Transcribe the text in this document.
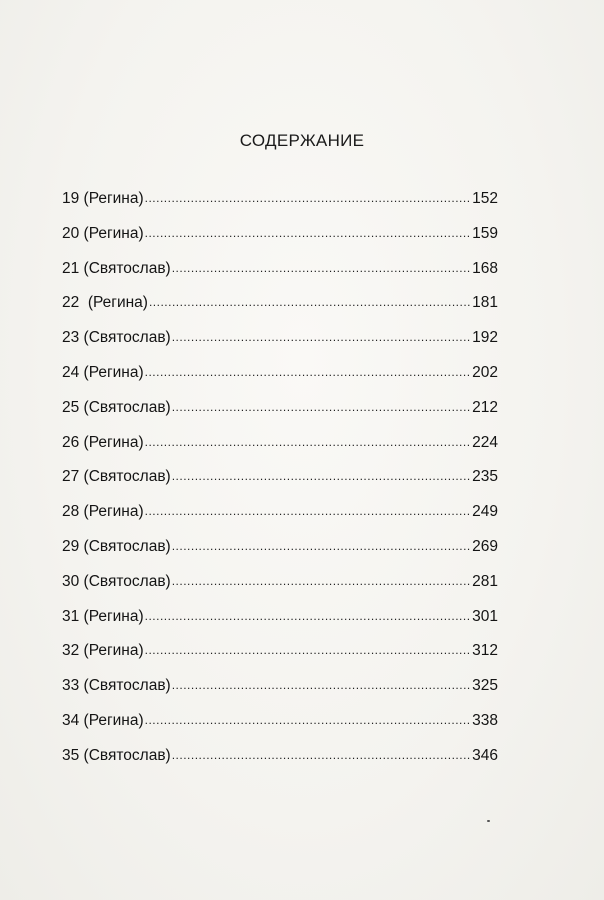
СОДЕРЖАНИЕ
19 (Регина) .....	152
20 (Регина) .....	159
21 (Святослав) .....	168
22  (Регина) .....	181
23 (Святослав) .....	192
24 (Регина) .....	202
25 (Святослав) .....	212
26 (Регина) .....	224
27 (Святослав) .....	235
28 (Регина) .....	249
29 (Святослав) .....	269
30 (Святослав) .....	281
31 (Регина) .....	301
32 (Регина) .....	312
33 (Святослав) .....	325
34 (Регина) .....	338
35 (Святослав) .....	346
